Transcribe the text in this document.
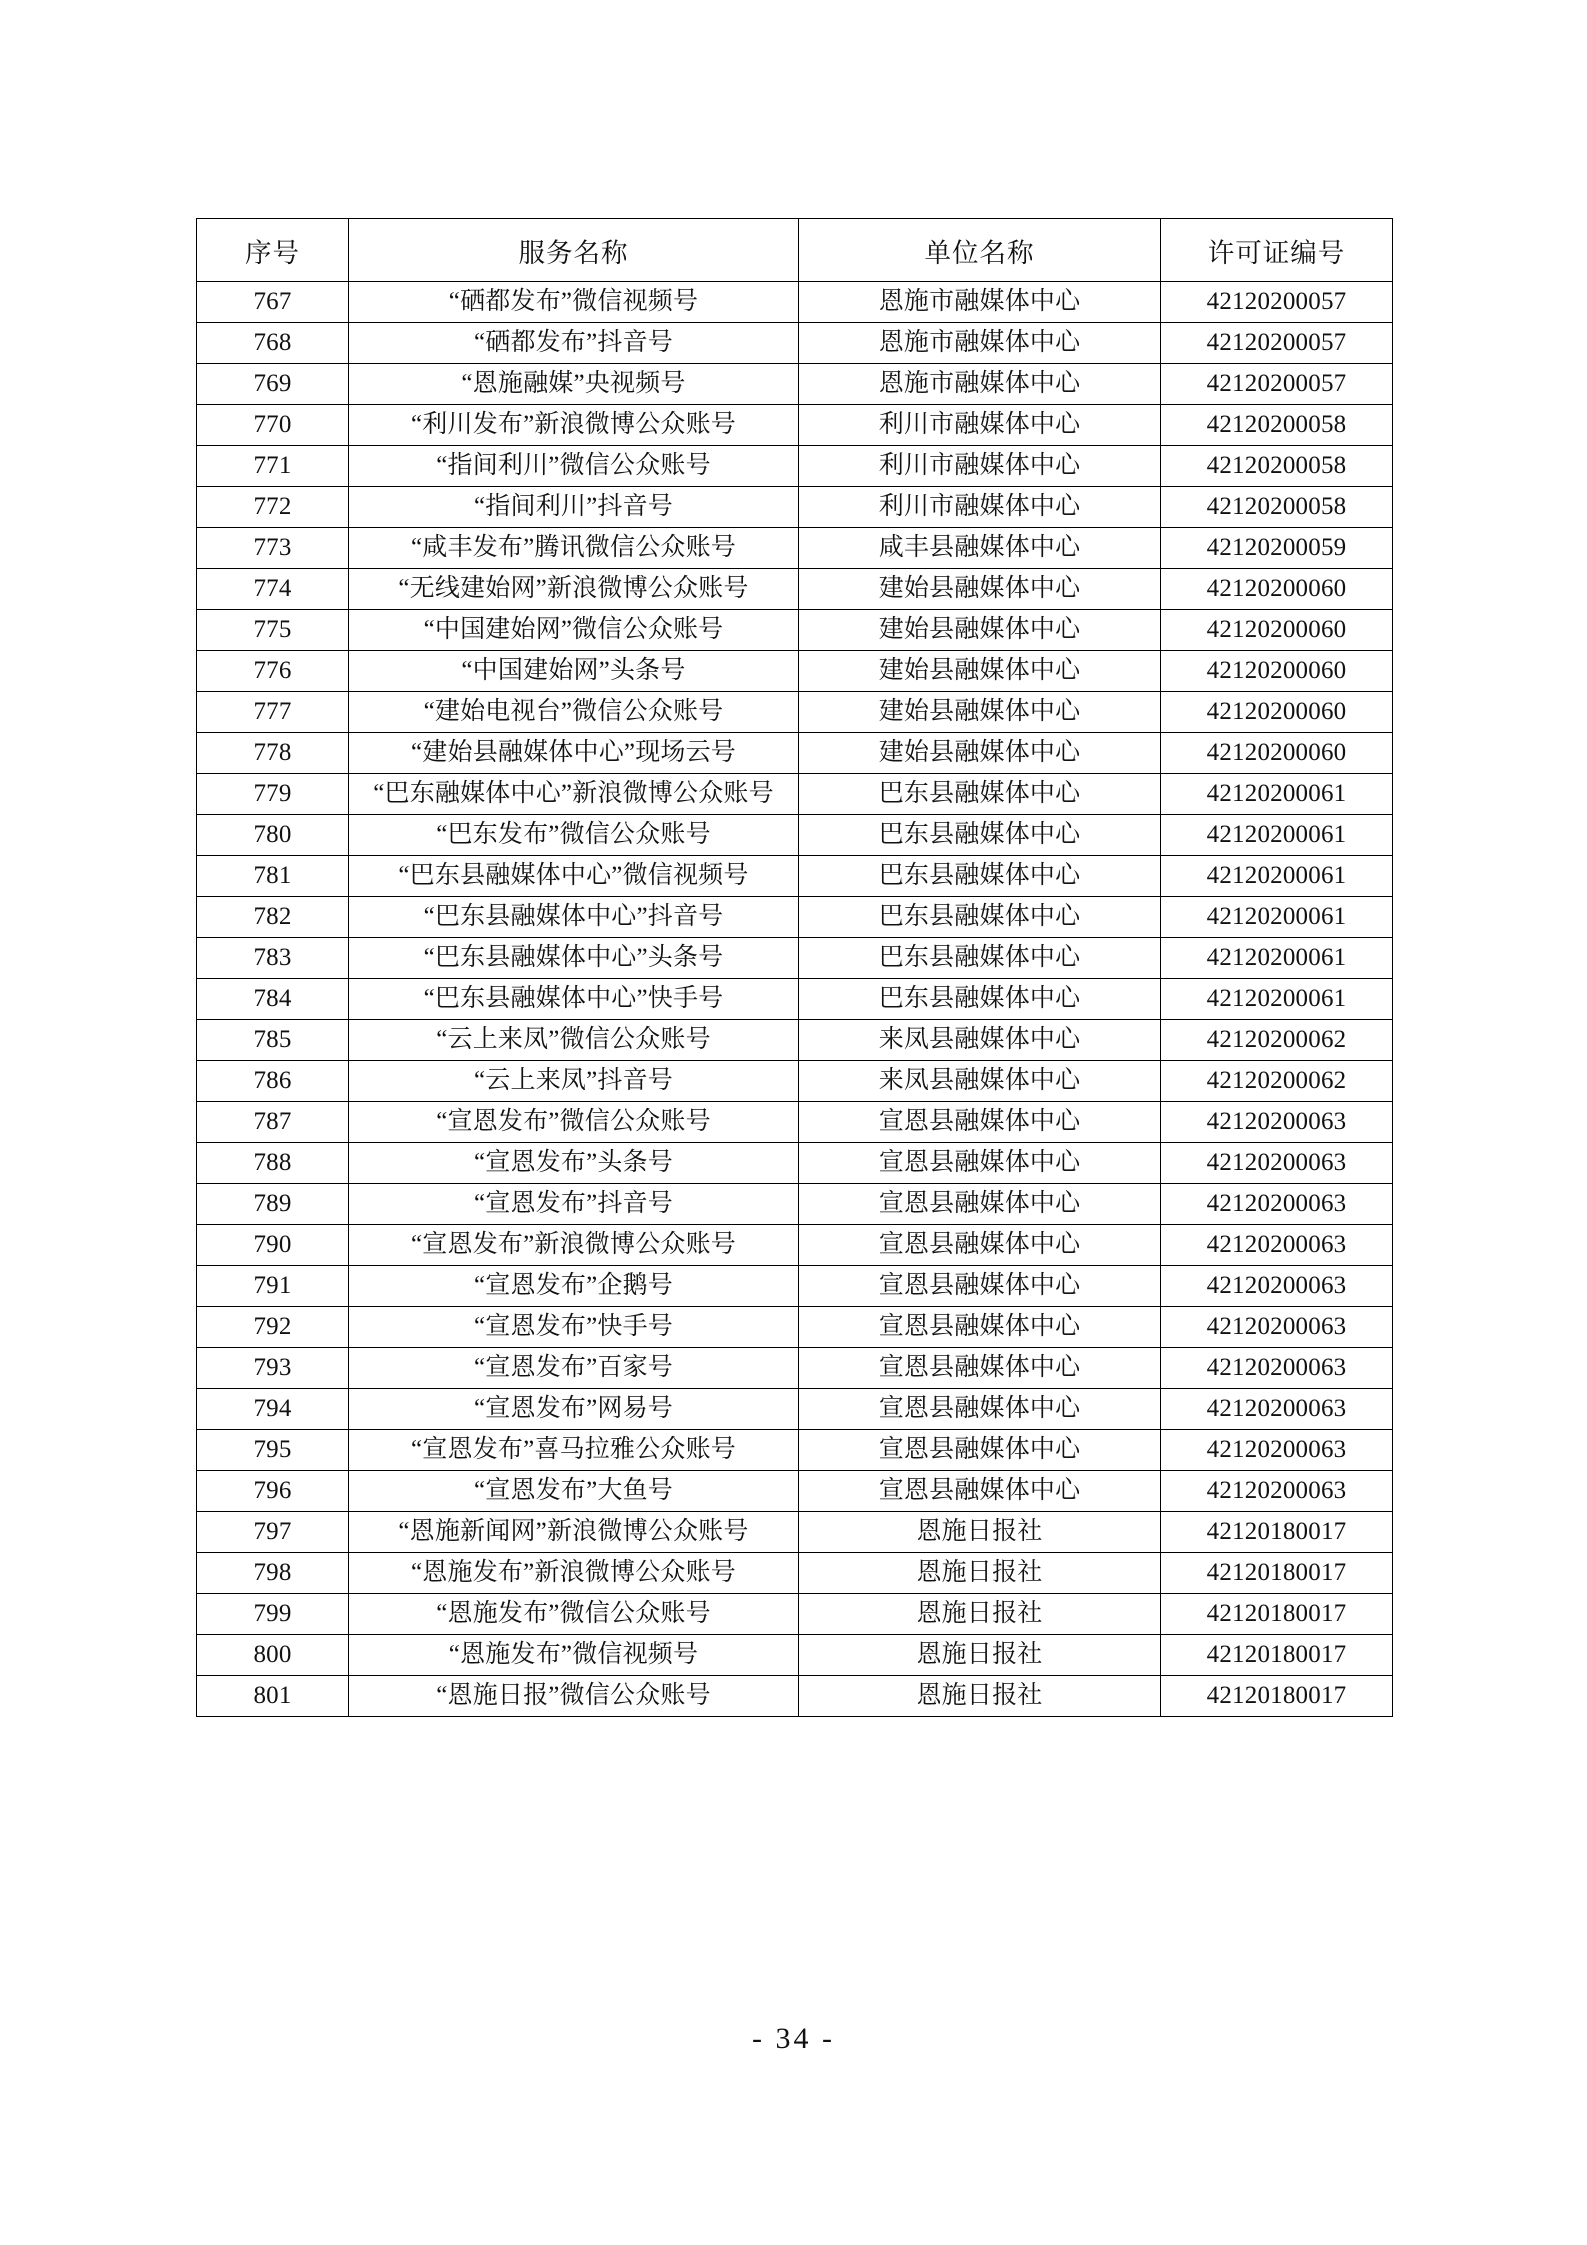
序号	服务名称	单位名称	许可证编号
767	“硒都发布”微信视频号	恩施市融媒体中心	42120200057
768	“硒都发布”抖音号	恩施市融媒体中心	42120200057
769	“恩施融媒”央视频号	恩施市融媒体中心	42120200057
770	“利川发布”新浪微博公众账号	利川市融媒体中心	42120200058
771	“指间利川”微信公众账号	利川市融媒体中心	42120200058
772	“指间利川”抖音号	利川市融媒体中心	42120200058
773	“咸丰发布”腾讯微信公众账号	咸丰县融媒体中心	42120200059
774	“无线建始网”新浪微博公众账号	建始县融媒体中心	42120200060
775	“中国建始网”微信公众账号	建始县融媒体中心	42120200060
776	“中国建始网”头条号	建始县融媒体中心	42120200060
777	“建始电视台”微信公众账号	建始县融媒体中心	42120200060
778	“建始县融媒体中心”现场云号	建始县融媒体中心	42120200060
779	“巴东融媒体中心”新浪微博公众账号	巴东县融媒体中心	42120200061
780	“巴东发布”微信公众账号	巴东县融媒体中心	42120200061
781	“巴东县融媒体中心”微信视频号	巴东县融媒体中心	42120200061
782	“巴东县融媒体中心”抖音号	巴东县融媒体中心	42120200061
783	“巴东县融媒体中心”头条号	巴东县融媒体中心	42120200061
784	“巴东县融媒体中心”快手号	巴东县融媒体中心	42120200061
785	“云上来凤”微信公众账号	来凤县融媒体中心	42120200062
786	“云上来凤”抖音号	来凤县融媒体中心	42120200062
787	“宣恩发布”微信公众账号	宣恩县融媒体中心	42120200063
788	“宣恩发布”头条号	宣恩县融媒体中心	42120200063
789	“宣恩发布”抖音号	宣恩县融媒体中心	42120200063
790	“宣恩发布”新浪微博公众账号	宣恩县融媒体中心	42120200063
791	“宣恩发布”企鹅号	宣恩县融媒体中心	42120200063
792	“宣恩发布”快手号	宣恩县融媒体中心	42120200063
793	“宣恩发布”百家号	宣恩县融媒体中心	42120200063
794	“宣恩发布”网易号	宣恩县融媒体中心	42120200063
795	“宣恩发布”喜马拉雅公众账号	宣恩县融媒体中心	42120200063
796	“宣恩发布”大鱼号	宣恩县融媒体中心	42120200063
797	“恩施新闻网”新浪微博公众账号	恩施日报社	42120180017
798	“恩施发布”新浪微博公众账号	恩施日报社	42120180017
799	“恩施发布”微信公众账号	恩施日报社	42120180017
800	“恩施发布”微信视频号	恩施日报社	42120180017
801	“恩施日报”微信公众账号	恩施日报社	42120180017
- 34 -
